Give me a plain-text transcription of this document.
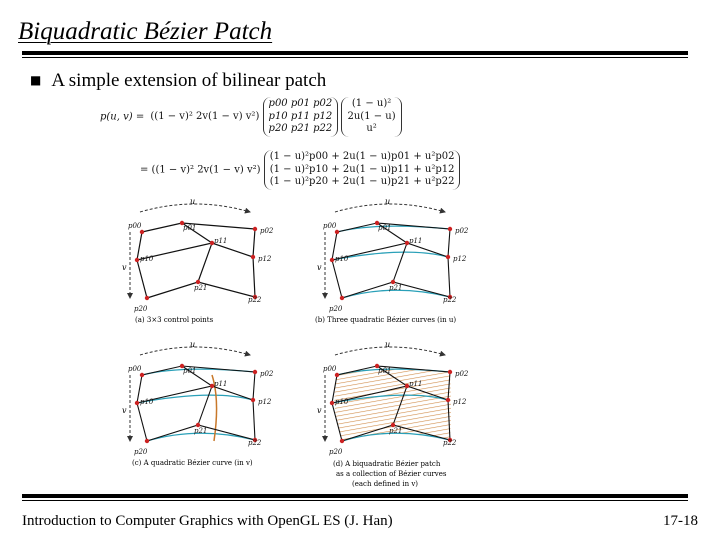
Biquadratic Bézier Patch
■ A simple extension of bilinear patch
p(u, v) = ((1 − v)² 2v(1 − v) v²) p00 p01 p02
p10 p11 p12
p20 p21 p22 (1 − u)²
2u(1 − u)
u²
= ((1 − v)² 2v(1 − v) v²) (1 − u)²p00 + 2u(1 − u)p01 + u²p02
(1 − u)²p10 + 2u(1 − u)p11 + u²p12
(1 − u)²p20 + 2u(1 − u)p21 + u²p22
u
v
p00	p01	p02
p10
p11
p12
p20
p21
p22
(a) 3×3 control points
u
v
p00	p01	p02
p10
p11
p12
p20
p21
p22
(b) Three quadratic Bézier curves (in u)
u
v
p00	p01	p02
p10
p11
p12
p20
p21
p22
(c) A quadratic Bézier curve (in v)
u
v
p00	p01	p02
p10
p11
p12
p20
p21
p22
(d) A biquadratic Bézier patch
as a collection of Bézier curves
(each defined in v)
Introduction to Computer Graphics with OpenGL ES (J. Han)	17-18
